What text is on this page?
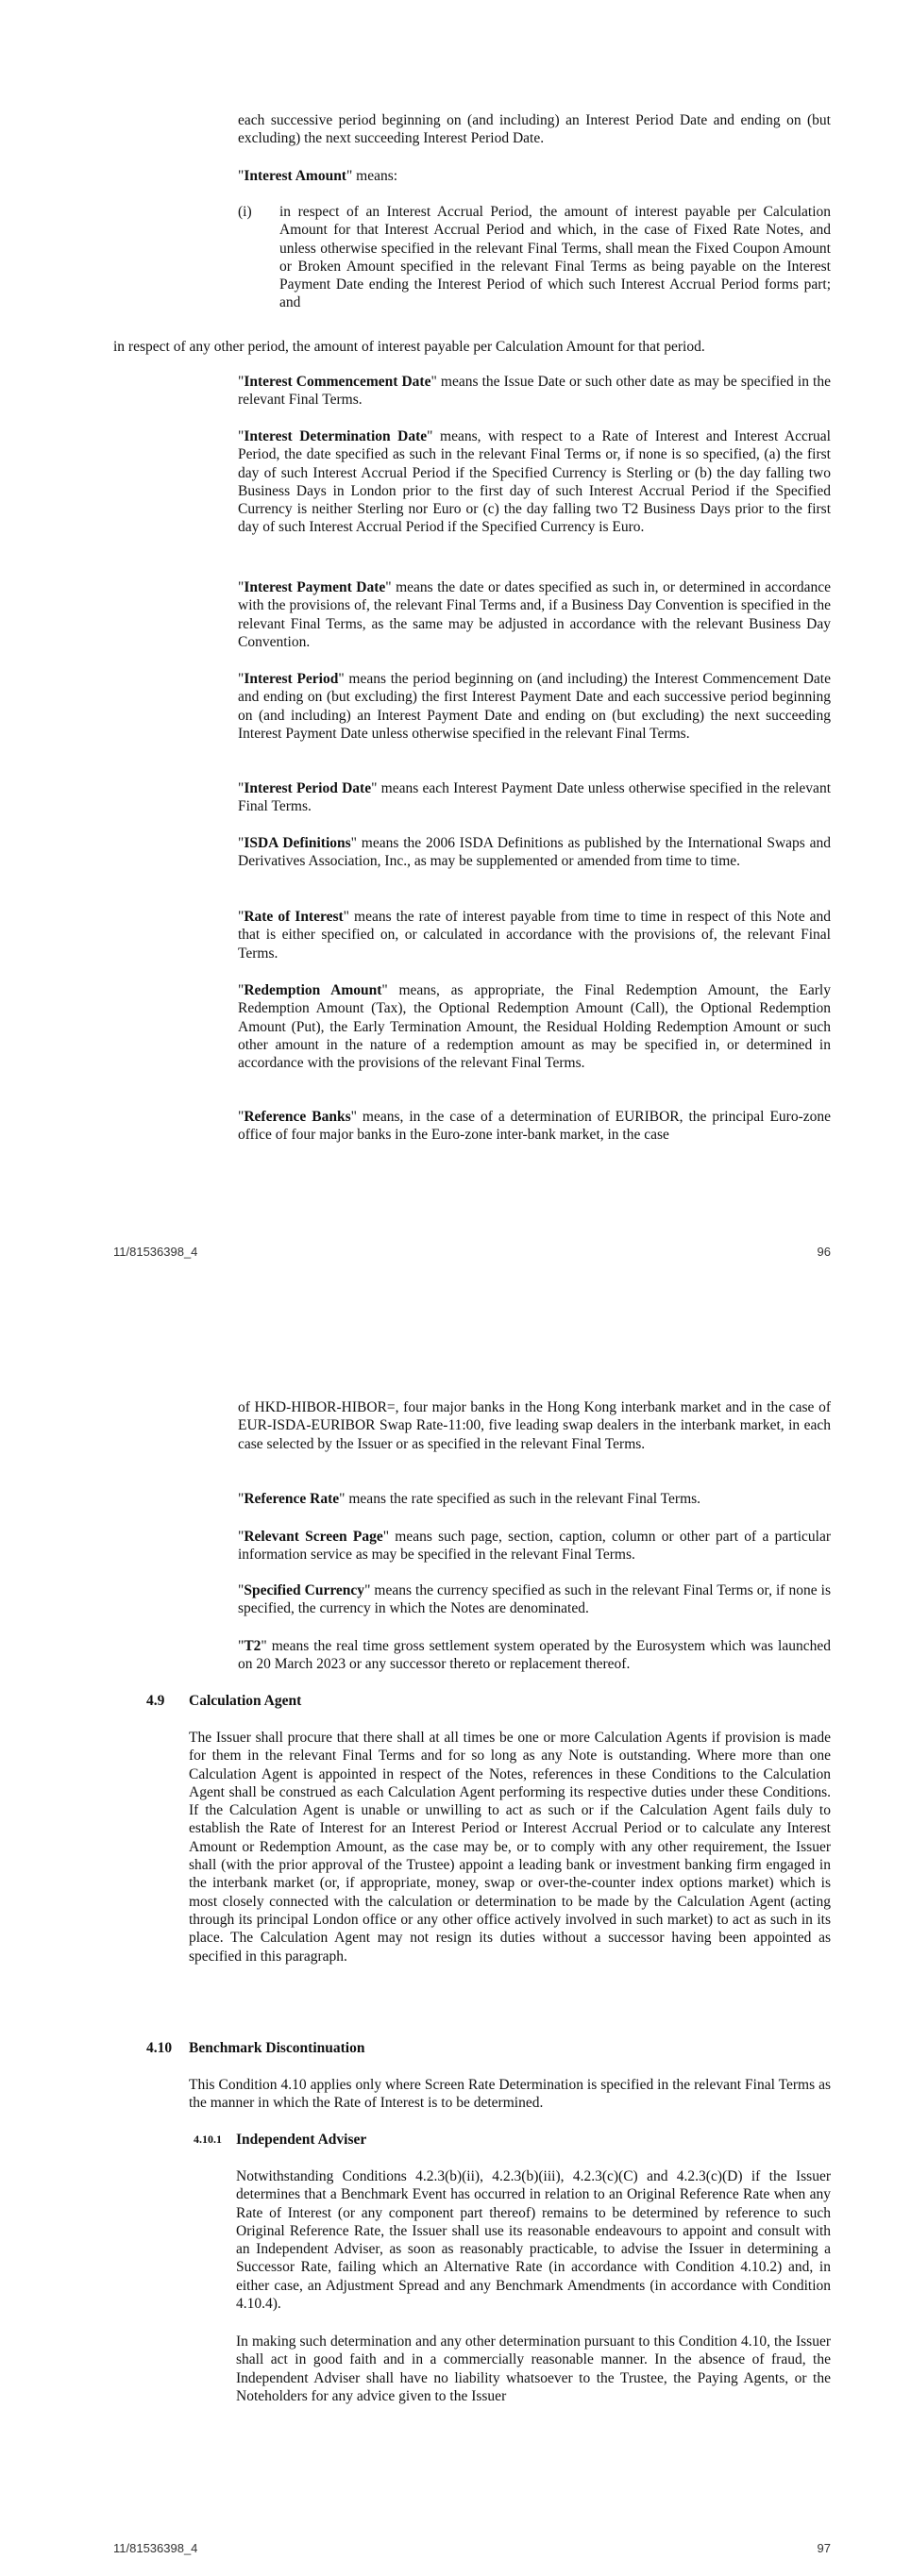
each successive period beginning on (and including) an Interest Period Date and ending on (but excluding) the next succeeding Interest Period Date.
"Interest Amount" means:
(i) in respect of an Interest Accrual Period, the amount of interest payable per Calculation Amount for that Interest Accrual Period and which, in the case of Fixed Rate Notes, and unless otherwise specified in the relevant Final Terms, shall mean the Fixed Coupon Amount or Broken Amount specified in the relevant Final Terms as being payable on the Interest Payment Date ending the Interest Period of which such Interest Accrual Period forms part; and
in respect of any other period, the amount of interest payable per Calculation Amount for that period.
"Interest Commencement Date" means the Issue Date or such other date as may be specified in the relevant Final Terms.
"Interest Determination Date" means, with respect to a Rate of Interest and Interest Accrual Period, the date specified as such in the relevant Final Terms or, if none is so specified, (a) the first day of such Interest Accrual Period if the Specified Currency is Sterling or (b) the day falling two Business Days in London prior to the first day of such Interest Accrual Period if the Specified Currency is neither Sterling nor Euro or (c) the day falling two T2 Business Days prior to the first day of such Interest Accrual Period if the Specified Currency is Euro.
"Interest Payment Date" means the date or dates specified as such in, or determined in accordance with the provisions of, the relevant Final Terms and, if a Business Day Convention is specified in the relevant Final Terms, as the same may be adjusted in accordance with the relevant Business Day Convention.
"Interest Period" means the period beginning on (and including) the Interest Commencement Date and ending on (but excluding) the first Interest Payment Date and each successive period beginning on (and including) an Interest Payment Date and ending on (but excluding) the next succeeding Interest Payment Date unless otherwise specified in the relevant Final Terms.
"Interest Period Date" means each Interest Payment Date unless otherwise specified in the relevant Final Terms.
"ISDA Definitions" means the 2006 ISDA Definitions as published by the International Swaps and Derivatives Association, Inc., as may be supplemented or amended from time to time.
"Rate of Interest" means the rate of interest payable from time to time in respect of this Note and that is either specified on, or calculated in accordance with the provisions of, the relevant Final Terms.
"Redemption Amount" means, as appropriate, the Final Redemption Amount, the Early Redemption Amount (Tax), the Optional Redemption Amount (Call), the Optional Redemption Amount (Put), the Early Termination Amount, the Residual Holding Redemption Amount or such other amount in the nature of a redemption amount as may be specified in, or determined in accordance with the provisions of the relevant Final Terms.
"Reference Banks" means, in the case of a determination of EURIBOR, the principal Euro-zone office of four major banks in the Euro-zone inter-bank market, in the case
11/81536398_4	96
of HKD-HIBOR-HIBOR=, four major banks in the Hong Kong interbank market and in the case of EUR-ISDA-EURIBOR Swap Rate-11:00, five leading swap dealers in the interbank market, in each case selected by the Issuer or as specified in the relevant Final Terms.
"Reference Rate" means the rate specified as such in the relevant Final Terms.
"Relevant Screen Page" means such page, section, caption, column or other part of a particular information service as may be specified in the relevant Final Terms.
"Specified Currency" means the currency specified as such in the relevant Final Terms or, if none is specified, the currency in which the Notes are denominated.
"T2" means the real time gross settlement system operated by the Eurosystem which was launched on 20 March 2023 or any successor thereto or replacement thereof.
4.9 Calculation Agent
The Issuer shall procure that there shall at all times be one or more Calculation Agents if provision is made for them in the relevant Final Terms and for so long as any Note is outstanding. Where more than one Calculation Agent is appointed in respect of the Notes, references in these Conditions to the Calculation Agent shall be construed as each Calculation Agent performing its respective duties under these Conditions. If the Calculation Agent is unable or unwilling to act as such or if the Calculation Agent fails duly to establish the Rate of Interest for an Interest Period or Interest Accrual Period or to calculate any Interest Amount or Redemption Amount, as the case may be, or to comply with any other requirement, the Issuer shall (with the prior approval of the Trustee) appoint a leading bank or investment banking firm engaged in the interbank market (or, if appropriate, money, swap or over-the-counter index options market) which is most closely connected with the calculation or determination to be made by the Calculation Agent (acting through its principal London office or any other office actively involved in such market) to act as such in its place. The Calculation Agent may not resign its duties without a successor having been appointed as specified in this paragraph.
4.10 Benchmark Discontinuation
This Condition 4.10 applies only where Screen Rate Determination is specified in the relevant Final Terms as the manner in which the Rate of Interest is to be determined.
4.10.1 Independent Adviser
Notwithstanding Conditions 4.2.3(b)(ii), 4.2.3(b)(iii), 4.2.3(c)(C) and 4.2.3(c)(D) if the Issuer determines that a Benchmark Event has occurred in relation to an Original Reference Rate when any Rate of Interest (or any component part thereof) remains to be determined by reference to such Original Reference Rate, the Issuer shall use its reasonable endeavours to appoint and consult with an Independent Adviser, as soon as reasonably practicable, to advise the Issuer in determining a Successor Rate, failing which an Alternative Rate (in accordance with Condition 4.10.2) and, in either case, an Adjustment Spread and any Benchmark Amendments (in accordance with Condition 4.10.4).
In making such determination and any other determination pursuant to this Condition 4.10, the Issuer shall act in good faith and in a commercially reasonable manner. In the absence of fraud, the Independent Adviser shall have no liability whatsoever to the Trustee, the Paying Agents, or the Noteholders for any advice given to the Issuer
11/81536398_4	97
